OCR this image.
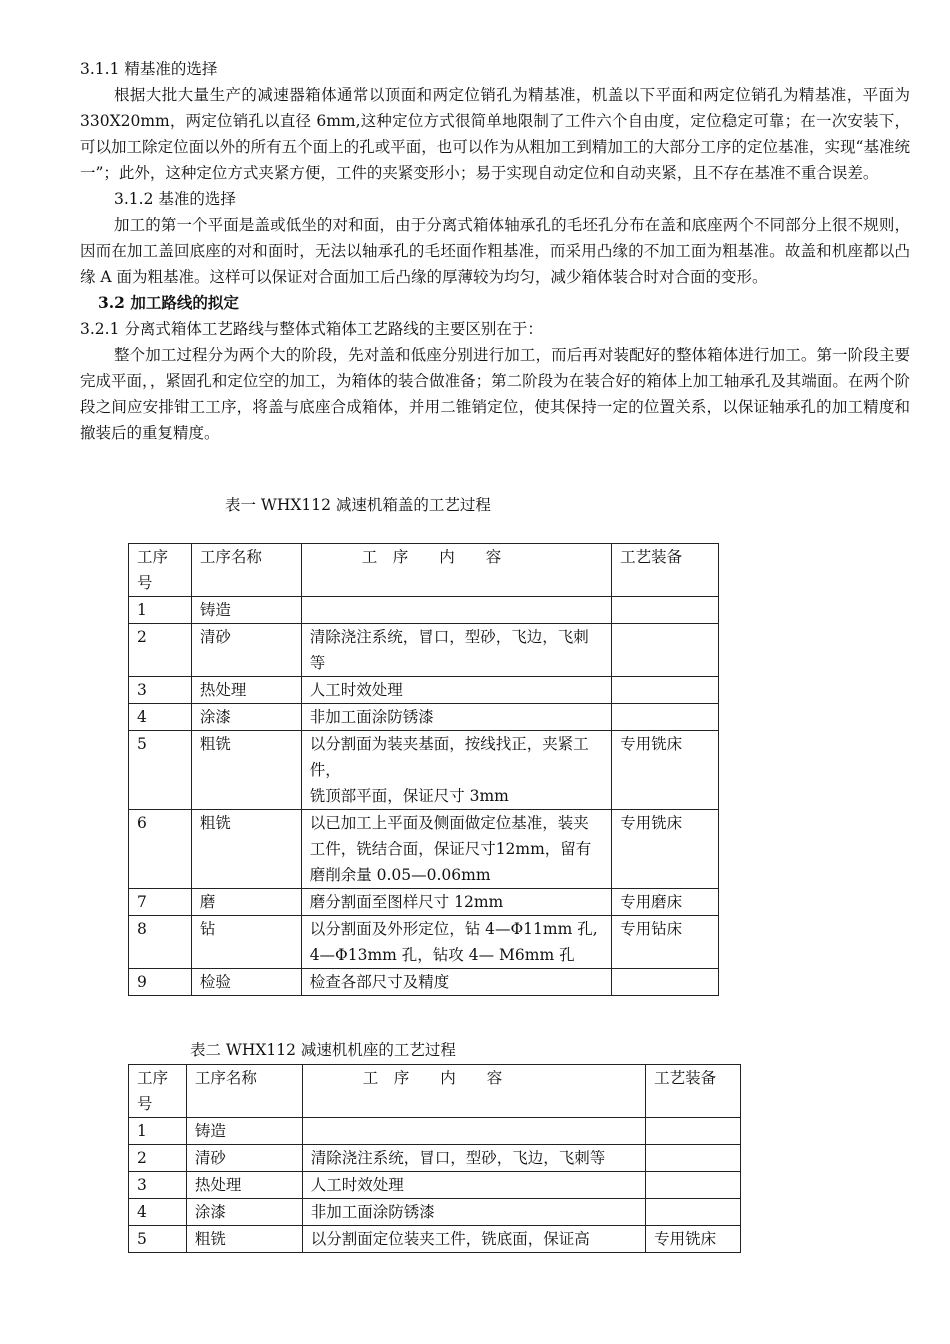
3.1.1 精基准的选择

根据大批大量生产的减速器箱体通常以顶面和两定位销孔为精基准，机盖以下平面和两定位销孔为精基准，平面为330X20mm，两定位销孔以直径 6mm,这种定位方式很简单地限制了工件六个自由度，定位稳定可靠；在一次安装下，可以加工除定位面以外的所有五个面上的孔或平面，也可以作为从粗加工到精加工的大部分工序的定位基准，实现“基准统一”；此外，这种定位方式夹紧方便，工件的夹紧变形小；易于实现自动定位和自动夹紧，且不存在基准不重合误差。

3.1.2 基准的选择

加工的第一个平面是盖或低坐的对和面，由于分离式箱体轴承孔的毛坯孔分布在盖和底座两个不同部分上很不规则，因而在加工盖回底座的对和面时，无法以轴承孔的毛坯面作粗基准，而采用凸缘的不加工面为粗基准。故盖和机座都以凸缘 A 面为粗基准。这样可以保证对合面加工后凸缘的厚薄较为均匀，减少箱体装合时对合面的变形。

3.2 加工路线的拟定
3.2.1 分离式箱体工艺路线与整体式箱体工艺路线的主要区别在于：

整个加工过程分为两个大的阶段，先对盖和低座分别进行加工，而后再对装配好的整体箱体进行加工。第一阶段主要完成平面，，紧固孔和定位空的加工，为箱体的装合做准备；第二阶段为在装合好的箱体上加工轴承孔及其端面。在两个阶段之间应安排钳工工序，将盖与底座合成箱体，并用二锥销定位，使其保持一定的位置关系，以保证轴承孔的加工精度和撤装后的重复精度。

表一 WHX112 减速机箱盖的工艺过程
工序号	工序名称	工　序　　内　　容	工艺装备
1	铸造		
2	清砂	清除浇注系统，冒口，型砂，飞边，飞刺等	
3	热处理	人工时效处理	
4	涂漆	非加工面涂防锈漆	
5	粗铣	以分割面为装夹基面，按线找正，夹紧工件，
铣顶部平面，保证尺寸 3mm	专用铣床
6	粗铣	以已加工上平面及侧面做定位基准，装夹工件，铣结合面，保证尺寸12mm，留有磨削余量 0.05—0.06mm	专用铣床
7	磨	磨分割面至图样尺寸 12mm	专用磨床
8	钻	以分割面及外形定位，钻 4—Φ11mm 孔,
4—Φ13mm 孔，钻攻 4— M6mm 孔	专用钻床
9	检验	检查各部尺寸及精度	
表二 WHX112 减速机机座的工艺过程
工序号	工序名称	工　序　　内　　容	工艺装备
1	铸造		
2	清砂	清除浇注系统，冒口，型砂，飞边，飞刺等	
3	热处理	人工时效处理	
4	涂漆	非加工面涂防锈漆	
5	粗铣	以分割面定位装夹工件，铣底面，保证高	专用铣床
